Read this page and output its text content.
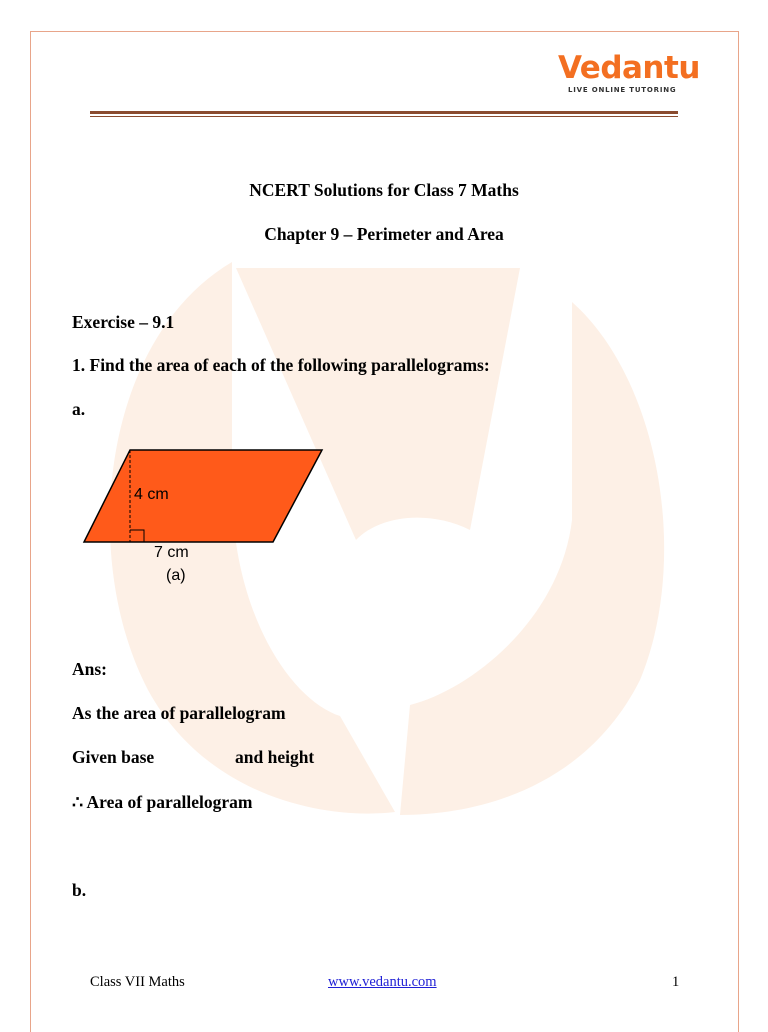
Vedantu
LIVE ONLINE TUTORING
NCERT Solutions for Class 7 Maths
Chapter 9 – Perimeter and Area
Exercise – 9.1
1. Find the area of each of the following parallelograms:
a.
4 cm
7 cm
(a)
Ans:
As the area of parallelogram
Given base	and height
∴ Area of parallelogram
b.
Class VII Maths	www.vedantu.com	1
